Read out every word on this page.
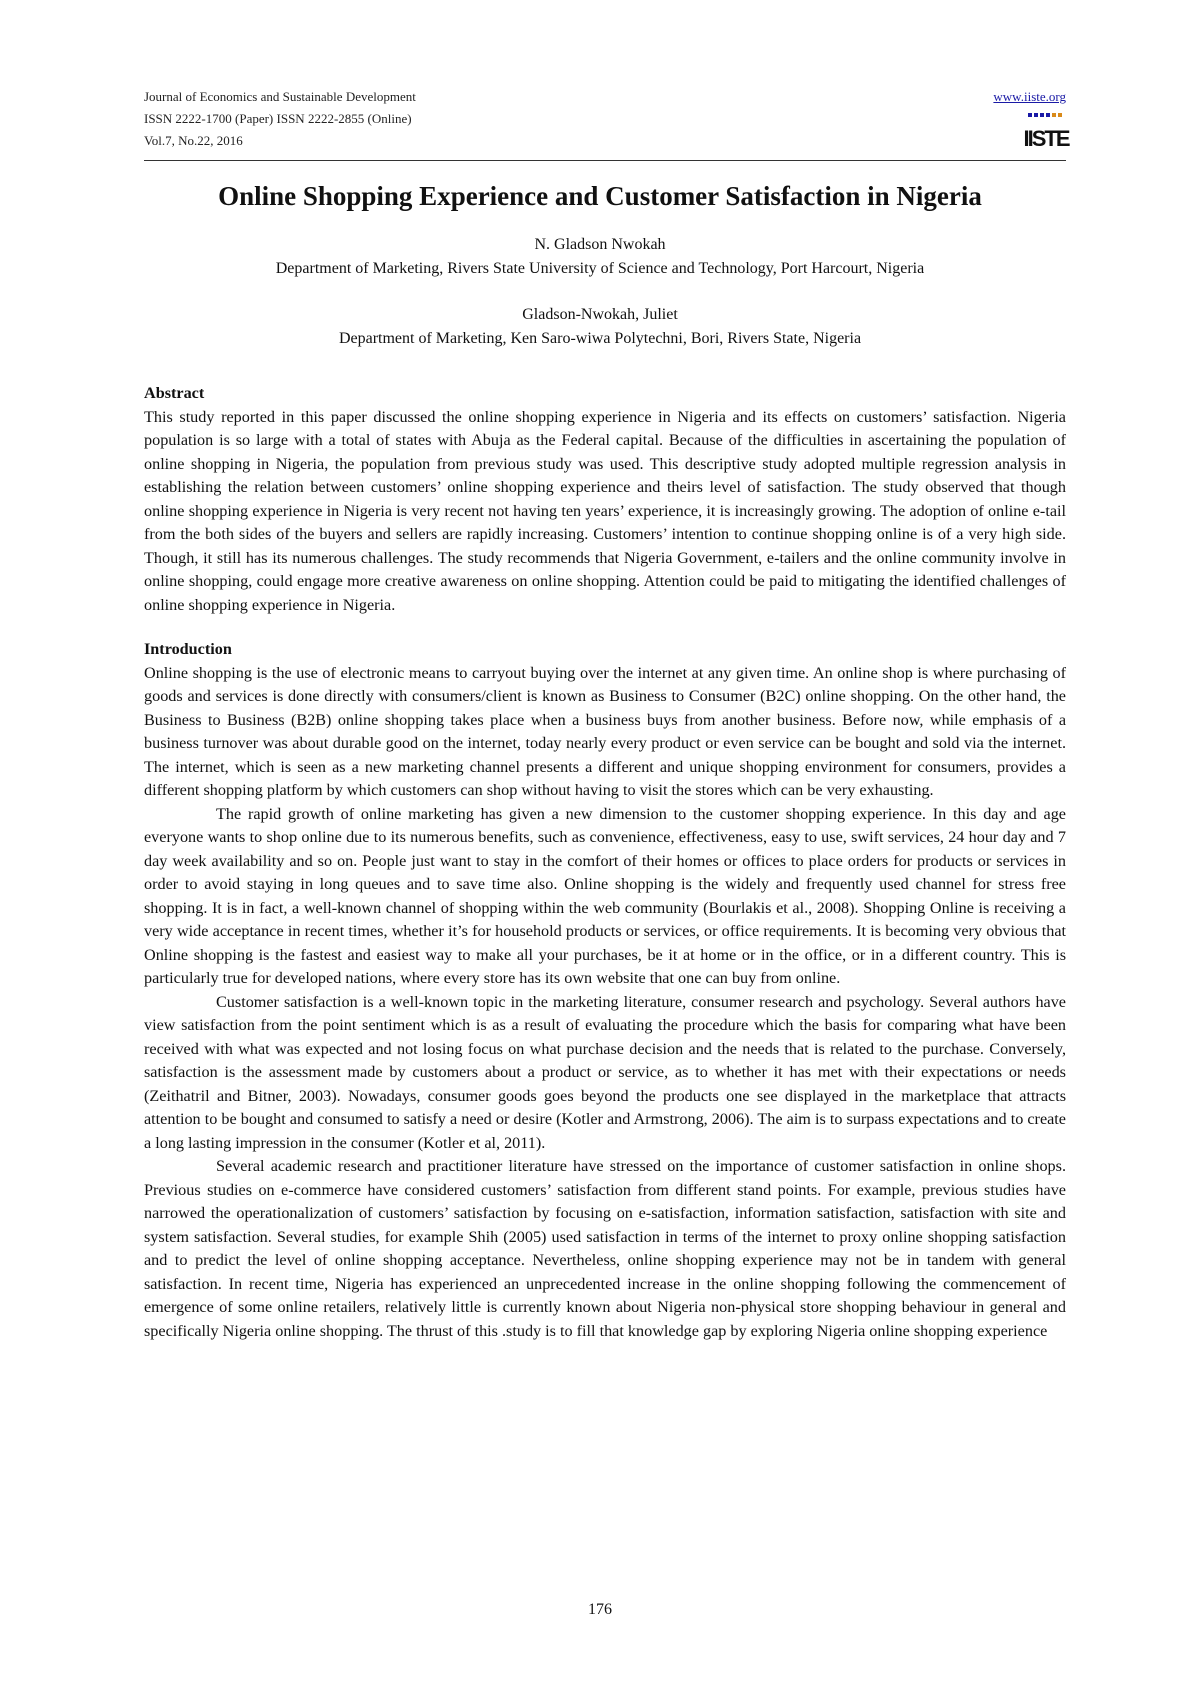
Journal of Economics and Sustainable Development
ISSN 2222-1700 (Paper) ISSN 2222-2855 (Online)
Vol.7, No.22, 2016
www.iiste.org
IISTE
Online Shopping Experience and Customer Satisfaction in Nigeria
N. Gladson Nwokah
Department of Marketing, Rivers State University of Science and Technology, Port Harcourt, Nigeria
Gladson-Nwokah, Juliet
Department of Marketing, Ken Saro-wiwa Polytechni, Bori, Rivers State, Nigeria
Abstract

This study reported in this paper discussed the online shopping experience in Nigeria and its effects on customers’ satisfaction. Nigeria population is so large with a total of states with Abuja as the Federal capital. Because of the difficulties in ascertaining the population of online shopping in Nigeria, the population from previous study was used. This descriptive study adopted multiple regression analysis in establishing the relation between customers’ online shopping experience and theirs level of satisfaction. The study observed that though online shopping experience in Nigeria is very recent not having ten years’ experience, it is increasingly growing. The adoption of online e-tail from the both sides of the buyers and sellers are rapidly increasing. Customers’ intention to continue shopping online is of a very high side. Though, it still has its numerous challenges. The study recommends that Nigeria Government, e-tailers and the online community involve in online shopping, could engage more creative awareness on online shopping. Attention could be paid to mitigating the identified challenges of online shopping experience in Nigeria.

Introduction

Online shopping is the use of electronic means to carryout buying over the internet at any given time. An online shop is where purchasing of goods and services is done directly with consumers/client is known as Business to Consumer (B2C) online shopping. On the other hand, the Business to Business (B2B) online shopping takes place when a business buys from another business. Before now, while emphasis of a business turnover was about durable good on the internet, today nearly every product or even service can be bought and sold via the internet. The internet, which is seen as a new marketing channel presents a different and unique shopping environment for consumers, provides a different shopping platform by which customers can shop without having to visit the stores which can be very exhausting.

The rapid growth of online marketing has given a new dimension to the customer shopping experience. In this day and age everyone wants to shop online due to its numerous benefits, such as convenience, effectiveness, easy to use, swift services, 24 hour day and 7 day week availability and so on. People just want to stay in the comfort of their homes or offices to place orders for products or services in order to avoid staying in long queues and to save time also. Online shopping is the widely and frequently used channel for stress free shopping. It is in fact, a well-known channel of shopping within the web community (Bourlakis et al., 2008). Shopping Online is receiving a very wide acceptance in recent times, whether it’s for household products or services, or office requirements. It is becoming very obvious that Online shopping is the fastest and easiest way to make all your purchases, be it at home or in the office, or in a different country. This is particularly true for developed nations, where every store has its own website that one can buy from online.

Customer satisfaction is a well-known topic in the marketing literature, consumer research and psychology. Several authors have view satisfaction from the point sentiment which is as a result of evaluating the procedure which the basis for comparing what have been received with what was expected and not losing focus on what purchase decision and the needs that is related to the purchase. Conversely, satisfaction is the assessment made by customers about a product or service, as to whether it has met with their expectations or needs (Zeithatril and Bitner, 2003). Nowadays, consumer goods goes beyond the products one see displayed in the marketplace that attracts attention to be bought and consumed to satisfy a need or desire (Kotler and Armstrong, 2006). The aim is to surpass expectations and to create a long lasting impression in the consumer (Kotler et al, 2011).

Several academic research and practitioner literature have stressed on the importance of customer satisfaction in online shops. Previous studies on e-commerce have considered customers’ satisfaction from different stand points. For example, previous studies have narrowed the operationalization of customers’ satisfaction by focusing on e-satisfaction, information satisfaction, satisfaction with site and system satisfaction. Several studies, for example Shih (2005) used satisfaction in terms of the internet to proxy online shopping satisfaction and to predict the level of online shopping acceptance. Nevertheless, online shopping experience may not be in tandem with general satisfaction. In recent time, Nigeria has experienced an unprecedented increase in the online shopping following the commencement of emergence of some online retailers, relatively little is currently known about Nigeria non-physical store shopping behaviour in general and specifically Nigeria online shopping. The thrust of this .study is to fill that knowledge gap by exploring Nigeria online shopping experience

176
